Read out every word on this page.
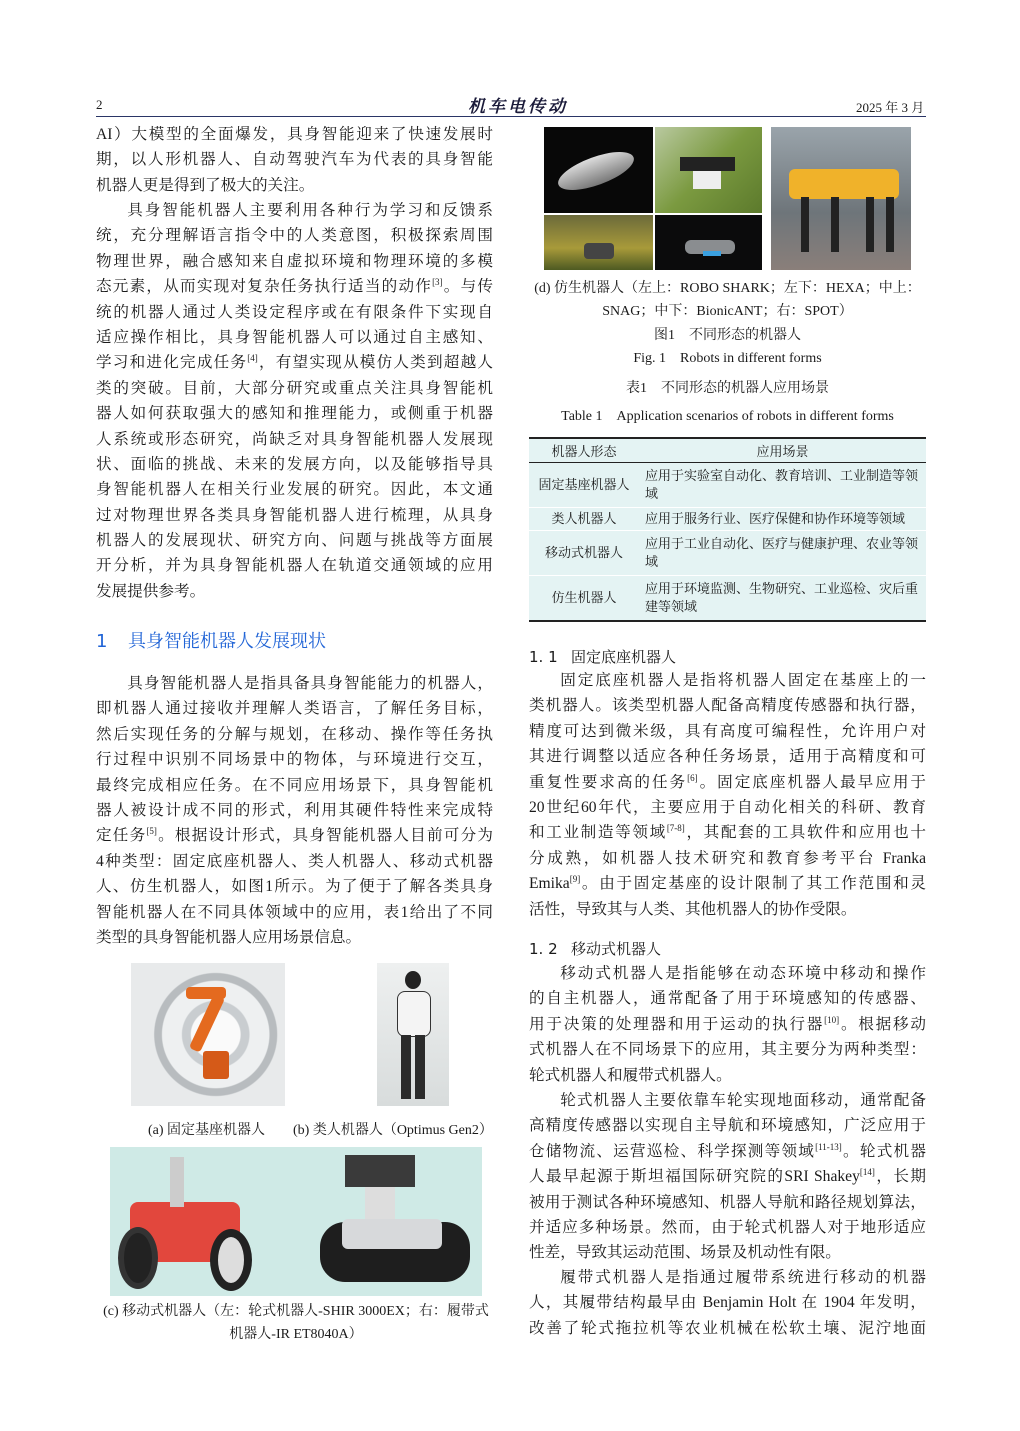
2	机车电传动	2025 年 3 月
AI）大模型的全面爆发，具身智能迎来了快速发展时
期，以人形机器人、自动驾驶汽车为代表的具身智能
机器人更是得到了极大的关注。
具身智能机器人主要利用各种行为学习和反馈系
统，充分理解语言指令中的人类意图，积极探索周围
物理世界，融合感知来自虚拟环境和物理环境的多模
态元素，从而实现对复杂任务执行适当的动作[3]。与传
统的机器人通过人类设定程序或在有限条件下实现自
适应操作相比，具身智能机器人可以通过自主感知、
学习和进化完成任务[4]，有望实现从模仿人类到超越人
类的突破。目前，大部分研究或重点关注具身智能机
器人如何获取强大的感知和推理能力，或侧重于机器
人系统或形态研究，尚缺乏对具身智能机器人发展现
状、面临的挑战、未来的发展方向，以及能够指导具
身智能机器人在相关行业发展的研究。因此，本文通
过对物理世界各类具身智能机器人进行梳理，从具身
机器人的发展现状、研究方向、问题与挑战等方面展
开分析，并为具身智能机器人在轨道交通领域的应用
发展提供参考。
1 具身智能机器人发展现状
具身智能机器人是指具备具身智能能力的机器人，
即机器人通过接收并理解人类语言，了解任务目标，
然后实现任务的分解与规划，在移动、操作等任务执
行过程中识别不同场景中的物体，与环境进行交互，
最终完成相应任务。在不同应用场景下，具身智能机
器人被设计成不同的形式，利用其硬件特性来完成特
定任务[5]。根据设计形式，具身智能机器人目前可分为
4种类型：固定底座机器人、类人机器人、移动式机器
人、仿生机器人，如图1所示。为了便于了解各类具身
智能机器人在不同具体领域中的应用，表1给出了不同
类型的具身智能机器人应用场景信息。
(a) 固定基座机器人 (b) 类人机器人（Optimus Gen2）
(c) 移动式机器人（左：轮式机器人-SHIR 3000EX；右：履带式
机器人-IR ET8040A）
(d) 仿生机器人（左上：ROBO SHARK；左下：HEXA；中上：
SNAG；中下：BionicANT；右：SPOT）
图1　不同形态的机器人
Fig. 1　Robots in different forms
表1　不同形态的机器人应用场景
Table 1　Application scenarios of robots in different forms
机器人形态	应用场景
固定基座机器人	应用于实验室自动化、教育培训、工业制造等领域
类人机器人	应用于服务行业、医疗保健和协作环境等领域
移动式机器人	应用于工业自动化、医疗与健康护理、农业等领域
仿生机器人	应用于环境监测、生物研究、工业巡检、灾后重建等领域
1. 1 固定底座机器人
固定底座机器人是指将机器人固定在基座上的一
类机器人。该类型机器人配备高精度传感器和执行器，
精度可达到微米级，具有高度可编程性，允许用户对
其进行调整以适应各种任务场景，适用于高精度和可
重复性要求高的任务[6]。固定底座机器人最早应用于
20世纪60年代，主要应用于自动化相关的科研、教育
和工业制造等领域[7-8]，其配套的工具软件和应用也十
分成熟，如机器人技术研究和教育参考平台 Franka
Emika[9]。由于固定基座的设计限制了其工作范围和灵
活性，导致其与人类、其他机器人的协作受限。
1. 2 移动式机器人
移动式机器人是指能够在动态环境中移动和操作
的自主机器人，通常配备了用于环境感知的传感器、
用于决策的处理器和用于运动的执行器[10]。根据移动
式机器人在不同场景下的应用，其主要分为两种类型：
轮式机器人和履带式机器人。
轮式机器人主要依靠车轮实现地面移动，通常配备
高精度传感器以实现自主导航和环境感知，广泛应用于
仓储物流、运营巡检、科学探测等领域[11-13]。轮式机器
人最早起源于斯坦福国际研究院的SRI Shakey[14]，长期
被用于测试各种环境感知、机器人导航和路径规划算法，
并适应多种场景。然而，由于轮式机器人对于地形适应
性差，导致其运动范围、场景及机动性有限。
履带式机器人是指通过履带系统进行移动的机器
人，其履带结构最早由 Benjamin Holt 在 1904 年发明，
改善了轮式拖拉机等农业机械在松软土壤、泥泞地面
